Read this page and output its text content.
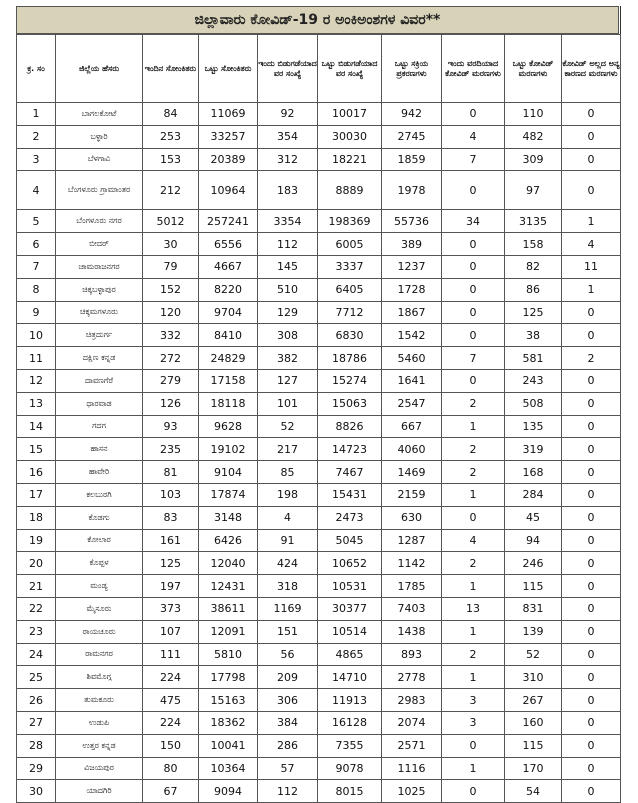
ಜಿಲ್ಲಾವಾರು ಕೋವಿಡ್‌-19 ರ ಅಂಕಿಅಂಶಗಳ ವಿವರ**
ಕ್ರ. ಸಂ	ಜಿಲ್ಲೆಯ ಹೆಸರು	ಇಂದಿನ ಸೋಂಕಿತರು	ಒಟ್ಟು ಸೋಂಕಿತರು	ಇಂದು ಬಿಡುಗಡೆಯಾದ ವರ ಸಂಖ್ಯೆ	ಒಟ್ಟು ಬಿಡುಗಡೆಯಾದ ವರ ಸಂಖ್ಯೆ	ಒಟ್ಟು ಸಕ್ರಿಯ ಪ್ರಕರಣಗಳು	ಇಂದು ವರದಿಯಾದ ಕೋವಿಡ್ ಮರಣಗಳು	ಒಟ್ಟು ಕೋವಿಡ್ ಮರಣಗಳು	ಕೋವಿಡ್ ಅಲ್ಲದ ಅನ್ಯ ಕಾರಣದ ಮರಣಗಳು
1	ಬಾಗಲಕೋಟೆ	84	11069	92	10017	942	0	110	0
2	ಬಳ್ಳಾರಿ	253	33257	354	30030	2745	4	482	0
3	ಬೆಳಗಾವಿ	153	20389	312	18221	1859	7	309	0
4	ಬೆಂಗಳೂರು ಗ್ರಾಮಾಂತರ	212	10964	183	8889	1978	0	97	0
5	ಬೆಂಗಳೂರು ನಗರ	5012	257241	3354	198369	55736	34	3135	1
6	ಬೀದರ್	30	6556	112	6005	389	0	158	4
7	ಚಾಮರಾಜನಗರ	79	4667	145	3337	1237	0	82	11
8	ಚಿಕ್ಕಬಳ್ಳಾಪುರ	152	8220	510	6405	1728	0	86	1
9	ಚಿಕ್ಕಮಗಳೂರು	120	9704	129	7712	1867	0	125	0
10	ಚಿತ್ರದುರ್ಗ	332	8410	308	6830	1542	0	38	0
11	ದಕ್ಷಿಣ ಕನ್ನಡ	272	24829	382	18786	5460	7	581	2
12	ದಾವಣಗೆರೆ	279	17158	127	15274	1641	0	243	0
13	ಧಾರವಾಡ	126	18118	101	15063	2547	2	508	0
14	ಗದಗ	93	9628	52	8826	667	1	135	0
15	ಹಾಸನ	235	19102	217	14723	4060	2	319	0
16	ಹಾವೇರಿ	81	9104	85	7467	1469	2	168	0
17	ಕಲಬುರಗಿ	103	17874	198	15431	2159	1	284	0
18	ಕೊಡಗು	83	3148	4	2473	630	0	45	0
19	ಕೋಲಾರ	161	6426	91	5045	1287	4	94	0
20	ಕೊಪ್ಪಳ	125	12040	424	10652	1142	2	246	0
21	ಮಂಡ್ಯ	197	12431	318	10531	1785	1	115	0
22	ಮೈಸೂರು	373	38611	1169	30377	7403	13	831	0
23	ರಾಯಚೂರು	107	12091	151	10514	1438	1	139	0
24	ರಾಮನಗರ	111	5810	56	4865	893	2	52	0
25	ಶಿವಮೊಗ್ಗ	224	17798	209	14710	2778	1	310	0
26	ತುಮಕೂರು	475	15163	306	11913	2983	3	267	0
27	ಉಡುಪಿ	224	18362	384	16128	2074	3	160	0
28	ಉತ್ತರ ಕನ್ನಡ	150	10041	286	7355	2571	0	115	0
29	ವಿಜಯಪುರ	80	10364	57	9078	1116	1	170	0
30	ಯಾದಗಿರಿ	67	9094	112	8015	1025	0	54	0
